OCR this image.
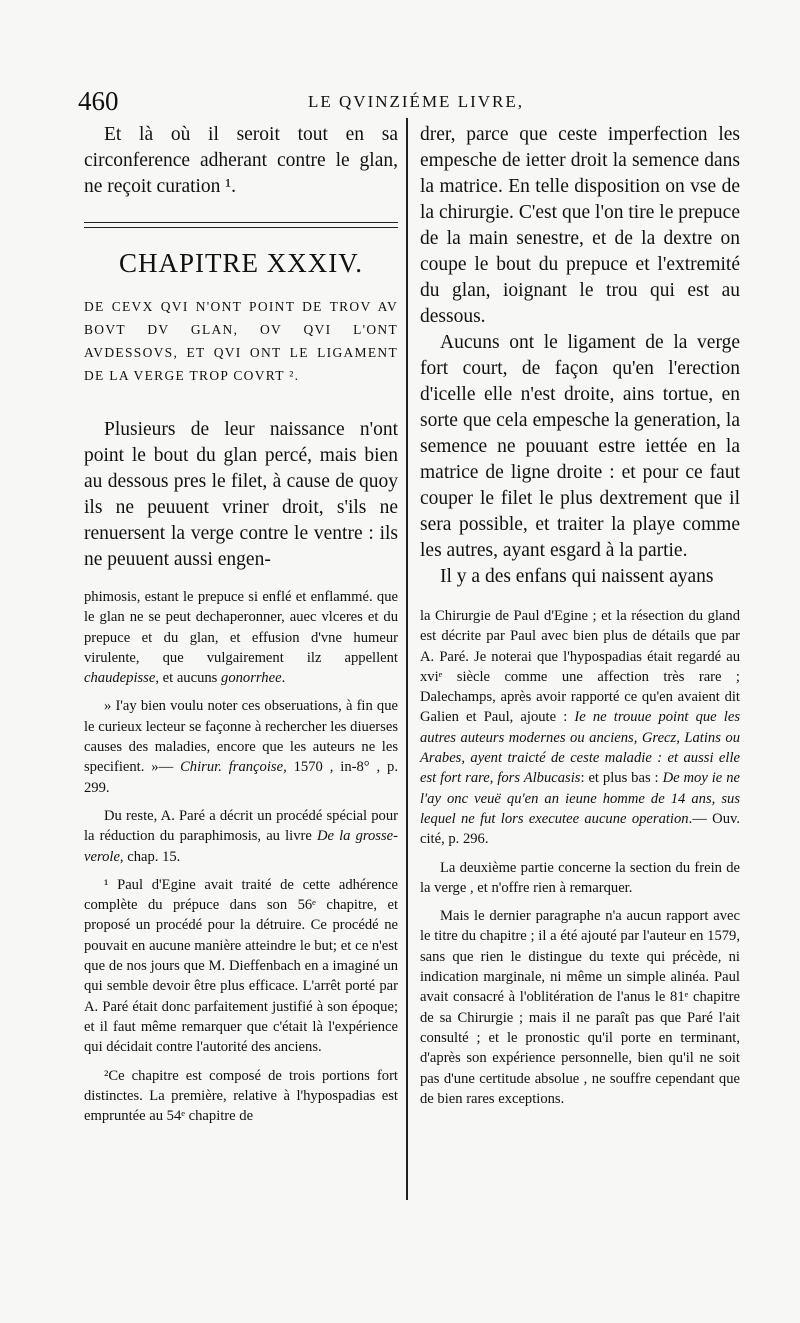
460	LE QVINZIÉME LIVRE,

Et là où il seroit tout en sa circonference adherant contre le glan, ne reçoit curation ¹.

CHAPITRE XXXIV.

DE CEVX QVI N'ONT POINT DE TROV AV BOVT DV GLAN, OV QVI L'ONT AVDESSOVS, ET QVI ONT LE LIGAMENT DE LA VERGE TROP COVRT ².

Plusieurs de leur naissance n'ont point le bout du glan percé, mais bien au dessous pres le filet, à cause de quoy ils ne peuuent vriner droit, s'ils ne renuersent la verge contre le ventre : ils ne peuuent aussi engen-

phimosis, estant le prepuce si enflé et enflammé. que le glan ne se peut dechaperonner, auec vlceres et du prepuce et du glan, et effusion d'vne humeur virulente, que vulgairement ilz appellent chaudepisse, et aucuns gonorrhee.

» I'ay bien voulu noter ces obseruations, à fin que le curieux lecteur se façonne à rechercher les diuerses causes des maladies, encore que les auteurs ne les specifient. »— Chirur. françoise, 1570 , in-8° , p. 299.

Du reste, A. Paré a décrit un procédé spécial pour la réduction du paraphimosis, au livre De la grosse-verole, chap. 15.

¹ Paul d'Egine avait traité de cette adhérence complète du prépuce dans son 56ᵉ chapitre, et proposé un procédé pour la détruire. Ce procédé ne pouvait en aucune manière atteindre le but; et ce n'est que de nos jours que M. Dieffenbach en a imaginé un qui semble devoir être plus efficace. L'arrêt porté par A. Paré était donc parfaitement justifié à son époque; et il faut même remarquer que c'était là l'expérience qui décidait contre l'autorité des anciens.

²Ce chapitre est composé de trois portions fort distinctes. La première, relative à l'hypospadias est empruntée au 54ᵉ chapitre de

drer, parce que ceste imperfection les empesche de ietter droit la semence dans la matrice. En telle disposition on vse de la chirurgie. C'est que l'on tire le prepuce de la main senestre, et de la dextre on coupe le bout du prepuce et l'extremité du glan, ioignant le trou qui est au dessous.

Aucuns ont le ligament de la verge fort court, de façon qu'en l'erection d'icelle elle n'est droite, ains tortue, en sorte que cela empesche la generation, la semence ne pouuant estre iettée en la matrice de ligne droite : et pour ce faut couper le filet le plus dextrement que il sera possible, et traiter la playe comme les autres, ayant esgard à la partie.

Il y a des enfans qui naissent ayans

la Chirurgie de Paul d'Egine ; et la résection du gland est décrite par Paul avec bien plus de détails que par A. Paré. Je noterai que l'hypospadias était regardé au xviᵉ siècle comme une affection très rare ; Dalechamps, après avoir rapporté ce qu'en avaient dit Galien et Paul, ajoute : Ie ne trouue point que les autres auteurs modernes ou anciens, Grecz, Latins ou Arabes, ayent traicté de ceste maladie : et aussi elle est fort rare, fors Albucasis: et plus bas : De moy ie ne l'ay onc veuë qu'en an ieune homme de 14 ans, sus lequel ne fut lors executee aucune operation.— Ouv. cité, p. 296.

La deuxième partie concerne la section du frein de la verge , et n'offre rien à remarquer.

Mais le dernier paragraphe n'a aucun rapport avec le titre du chapitre ; il a été ajouté par l'auteur en 1579, sans que rien le distingue du texte qui précède, ni indication marginale, ni même un simple alinéa. Paul avait consacré à l'oblitération de l'anus le 81ᵉ chapitre de sa Chirurgie ; mais il ne paraît pas que Paré l'ait consulté ; et le pronostic qu'il porte en terminant, d'après son expérience personnelle, bien qu'il ne soit pas d'une certitude absolue , ne souffre cependant que de bien rares exceptions.
